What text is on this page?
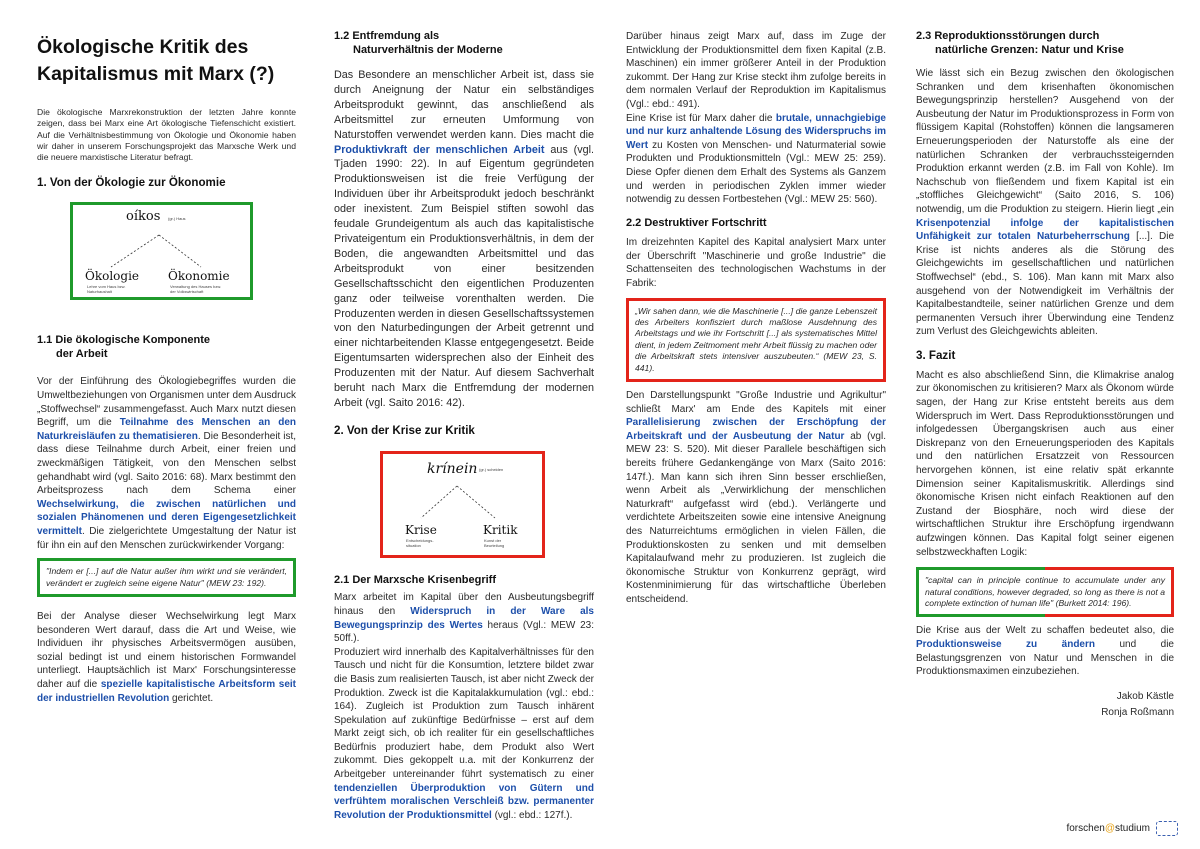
Ökologische Kritik des Kapitalismus mit Marx (?)

Die ökologische Marxrekonstruktion der letzten Jahre konnte zeigen, dass bei Marx eine Art ökologische Tiefenschicht existiert. Auf die Verhältnisbestimmung von Ökologie und Ökonomie haben wir daher in unserem Forschungsprojekt das Marxsche Werk und die neuere marxistische Literatur befragt.

1. Von der Ökologie zur Ökonomie
oíkos (gr.) Haus
Ökologie Ökonomie
Lehre vom Haus bzw.
Naturhaushalt
Verwaltung des Hauses bzw.
der Volkswirtschaft
1.1 Die ökologische Komponente
der Arbeit

Vor der Einführung des Ökologiebegriffes wurden die Umweltbeziehungen von Organismen unter dem Ausdruck „Stoffwechsel“ zusammengefasst. Auch Marx nutzt diesen Begriff, um die Teilnahme des Menschen an den Naturkreisläufen zu thematisieren. Die Besonderheit ist, dass diese Teilnahme durch Arbeit, einer freien und zweckmäßigen Tätigkeit, von den Menschen selbst gehandhabt wird (vgl. Saito 2016: 68). Marx bestimmt den Arbeitsprozess nach dem Schema einer Wechselwirkung, die zwischen natürlichen und sozialen Phänomenen und deren Eigengesetzlichkeit vermittelt. Die zielgerichtete Umgestaltung der Natur ist für ihn ein auf den Menschen zurückwirkender Vorgang:

"Indem er [...] auf die Natur außer ihm wirkt und sie verändert, verändert er zugleich seine eigene Natur" (MEW 23: 192).

Bei der Analyse dieser Wechselwirkung legt Marx besonderen Wert darauf, dass die Art und Weise, wie Individuen ihr physisches Arbeitsvermögen ausüben, sozial bedingt ist und einem historischen Formwandel unterliegt. Hauptsächlich ist Marx' Forschungsinteresse daher auf die spezielle kapitalistische Arbeitsform seit der industriellen Revolution gerichtet.

1.2 Entfremdung als
Naturverhältnis der Moderne

Das Besondere an menschlicher Arbeit ist, dass sie durch Aneignung der Natur ein selbständiges Arbeitsprodukt gewinnt, das anschließend als Arbeitsmittel zur erneuten Umformung von Naturstoffen verwendet werden kann. Dies macht die Produktivkraft der menschlichen Arbeit aus (vgl. Tjaden 1990: 22). In auf Eigentum gegründeten Produktionsweisen ist die freie Verfügung der Individuen über ihr Arbeitsprodukt jedoch beschränkt oder inexistent. Zum Beispiel stiften sowohl das feudale Grundeigentum als auch das kapitalistische Privateigentum ein Produktionsverhältnis, in dem der Boden, die angewandten Arbeitsmittel und das Arbeitsprodukt von einer besitzenden Gesellschaftsschicht den eigentlichen Produzenten ganz oder teilweise vorenthalten werden. Die Produzenten werden in diesen Gesellschaftssystemen von den Naturbedingungen der Arbeit getrennt und einer nichtarbeitenden Klasse entgegengesetzt. Beide Eigentumsarten widersprechen also der Einheit des Produzenten mit der Natur. Auf diesem Sachverhalt beruht nach Marx die Entfremdung der modernen Arbeit (vgl. Saito 2016: 42).

2. Von der Krise zur Kritik
krínein (gr.) scheiden
Krise	Kritik
Entscheidungs-
situation
Kunst der
Beurteilung
2.1 Der Marxsche Krisenbegriff

Marx arbeitet im Kapital über den Ausbeutungsbegriff hinaus den Widerspruch in der Ware als Bewegungsprinzip des Wertes heraus (Vgl.: MEW 23: 50ff.).

Produziert wird innerhalb des Kapitalverhältnisses für den Tausch und nicht für die Konsumtion, letztere bildet zwar die Basis zum realisierten Tausch, ist aber nicht Zweck der Produktion. Zweck ist die Kapitalakkumulation (vgl.: ebd.: 164). Zugleich ist Produktion zum Tausch inhärent Spekulation auf zukünftige Bedürfnisse – erst auf dem Markt zeigt sich, ob ich realiter für ein gesellschaftliches Bedürfnis produziert habe, dem Produkt also Wert zukommt. Dies gekoppelt u.a. mit der Konkurrenz der Arbeitgeber untereinander führt systematisch zu einer tendenziellen Überproduktion von Gütern und verfrühtem moralischen Verschleiß bzw. permanenter Revolution der Produktionsmittel (vgl.: ebd.: 127f.).

Darüber hinaus zeigt Marx auf, dass im Zuge der Entwicklung der Produktionsmittel dem fixen Kapital (z.B. Maschinen) ein immer größerer Anteil in der Produktion zukommt. Der Hang zur Krise steckt ihm zufolge bereits in dem normalen Verlauf der Reproduktion im Kapitalismus (Vgl.: ebd.: 491).

Eine Krise ist für Marx daher die brutale, unnachgiebige und nur kurz anhaltende Lösung des Widerspruchs im Wert zu Kosten von Menschen- und Naturmaterial sowie Produkten und Produktionsmitteln (Vgl.: MEW 25: 259). Diese Opfer dienen dem Erhalt des Systems als Ganzem und werden in periodischen Zyklen immer wieder notwendig zu dessen Fortbestehen (Vgl.: MEW 25: 560).

2.2 Destruktiver Fortschritt

Im dreizehnten Kapitel des Kapital analysiert Marx unter der Überschrift "Maschinerie und große Industrie" die Schattenseiten des technologischen Wachstums in der Fabrik:

„Wir sahen dann, wie die Maschinerie [...] die ganze Lebenszeit des Arbeiters konfisziert durch maßlose Ausdehnung des Arbeitstags und wie ihr Fortschritt [...] als systematisches Mittel dient, in jedem Zeitmoment mehr Arbeit flüssig zu machen oder die Arbeitskraft stets intensiver auszubeuten.“ (MEW 23, S. 441).

Den Darstellungspunkt "Große Industrie und Agrikultur" schließt Marx' am Ende des Kapitels mit einer Parallelisierung zwischen der Erschöpfung der Arbeitskraft und der Ausbeutung der Natur ab (vgl. MEW 23: S. 520). Mit dieser Parallele beschäftigen sich bereits frühere Gedankengänge von Marx (Saito 2016: 147f.). Man kann sich ihren Sinn besser erschließen, wenn Arbeit als „Verwirklichung der menschlichen Naturkraft“ aufgefasst wird (ebd.). Verlängerte und verdichtete Arbeitszeiten sowie eine intensive Aneignung des Naturreichtums ermöglichen in vielen Fällen, die Produktionskosten zu senken und mit demselben Kapitalaufwand mehr zu produzieren. Ist zugleich die ökonomische Struktur von Konkurrenz geprägt, wird Kostenminimierung für das wirtschaftliche Überleben entscheidend.

2.3 Reproduktionsstörungen durch
natürliche Grenzen: Natur und Krise

Wie lässt sich ein Bezug zwischen den ökologischen Schranken und dem krisenhaften ökonomischen Bewegungsprinzip herstellen? Ausgehend von der Ausbeutung der Natur im Produktionsprozess in Form von flüssigem Kapital (Rohstoffen) können die langsameren Erneuerungsperioden der Naturstoffe als eine der natürlichen Schranken der verbrauchssteigernden Produktion erkannt werden (z.B. im Fall von Kohle). Im Nachschub von fließendem und fixem Kapital ist ein „stoffliches Gleichgewicht“ (Saito 2016, S. 106) notwendig, um die Produktion zu steigern. Hierin liegt „ein Krisenpotenzial infolge der kapitalistischen Unfähigkeit zur totalen Naturbeherrschung [...]. Die Krise ist nichts anderes als die Störung des Gleichgewichts im gesellschaftlichen und natürlichen Stoffwechsel“ (ebd., S. 106). Man kann mit Marx also ausgehend von der Notwendigkeit im Verhältnis der Kapitalbestandteile, seiner natürlichen Grenze und dem permanenten Versuch ihrer Überwindung eine Tendenz zum Verlust des Gleichgewichts ableiten.

3. Fazit

Macht es also abschließend Sinn, die Klimakrise analog zur ökonomischen zu kritisieren? Marx als Ökonom würde sagen, der Hang zur Krise entsteht bereits aus dem Widerspruch im Wert. Dass Reproduktionsstörungen und infolgedessen Übergangskrisen auch aus einer Diskrepanz von den Erneuerungsperioden des Kapitals und den natürlichen Ersatzzeit von Ressourcen hervorgehen können, ist eine relativ spät erkannte Dimension seiner Kapitalismuskritik. Allerdings sind ökonomische Krisen nicht einfach Reaktionen auf den Zustand der Biosphäre, noch wird diese der wirtschaftlichen Struktur ihre Erschöpfung irgendwann aufzwingen können. Das Kapital folgt seiner eigenen selbstzweckhaften Logik:

"capital can in principle continue to accumulate under any natural conditions, however degraded, so long as there is not a complete extinction of human life" (Burkett 2014: 196).

Die Krise aus der Welt zu schaffen bedeutet also, die Produktionsweise zu ändern und die Belastungsgrenzen von Natur und Menschen in die Produktionsmaximen einzubeziehen.

Jakob Kästle
Ronja Roßmann
forschen@studium
